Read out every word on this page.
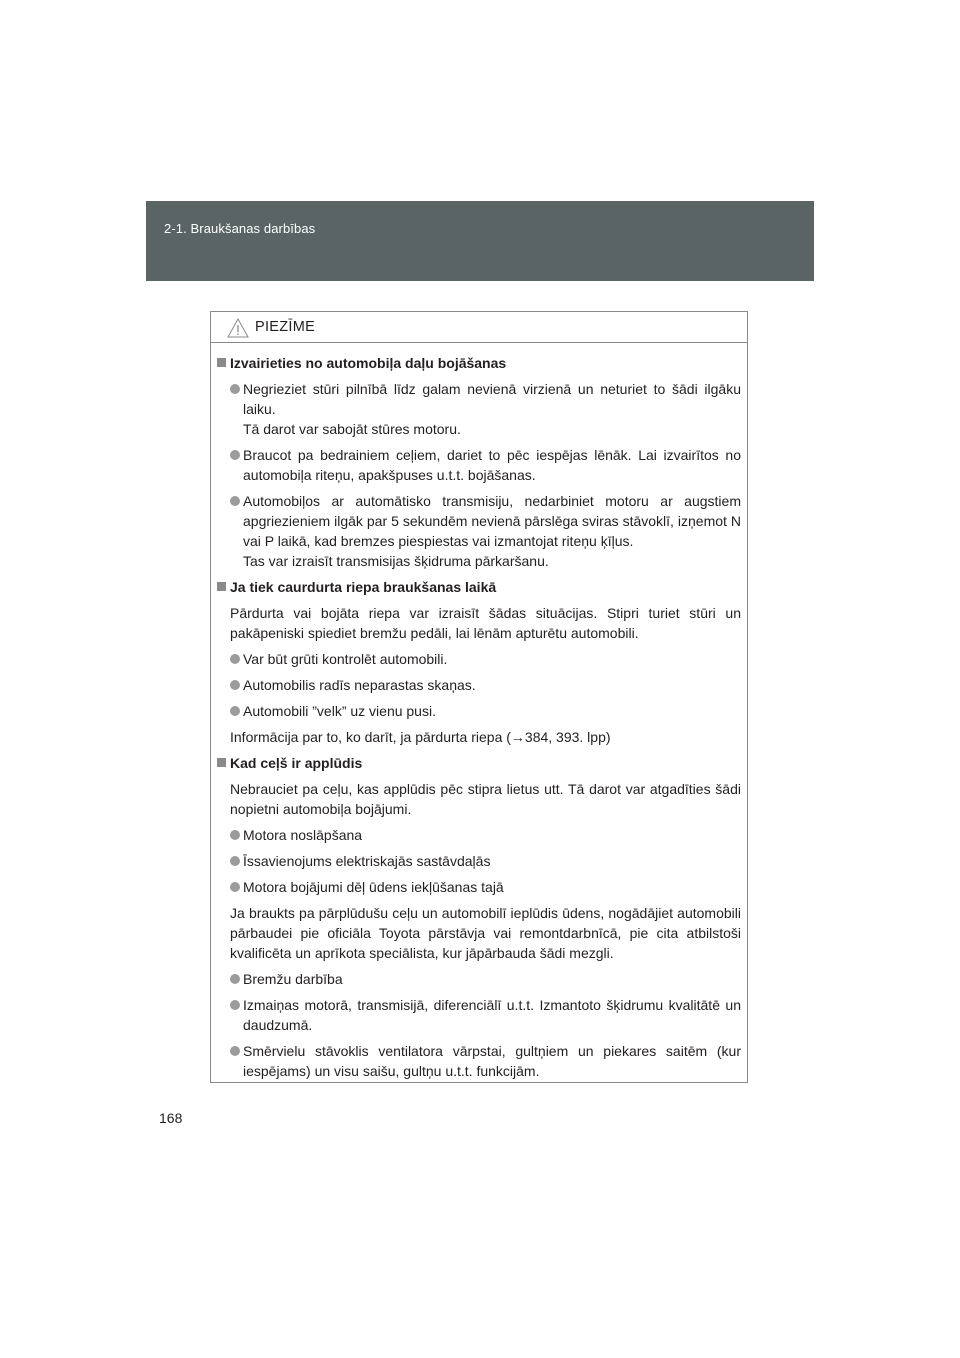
2-1. Braukšanas darbības
PIEZĪME
Izvairieties no automobiļa daļu bojāšanas
Negrieziet stūri pilnībā līdz galam nevienā virzienā un neturiet to šādi ilgāku laiku.
Tā darot var sabojāt stūres motoru.
Braucot pa bedrainiem ceļiem, dariet to pēc iespējas lēnāk. Lai izvairītos no automobiļa riteņu, apakšpuses u.t.t. bojāšanas.
Automobiļos ar automātisko transmisiju, nedarbiniet motoru ar augstiem apgriezieniem ilgāk par 5 sekundēm nevienā pārslēga sviras stāvoklī, izņemot N vai P laikā, kad bremzes piespiestas vai izmantojat riteņu ķīļus.
Tas var izraisīt transmisijas šķidruma pārkaršanu.
Ja tiek caurdurta riepa braukšanas laikā
Pārdurta vai bojāta riepa var izraisīt šādas situācijas. Stipri turiet stūri un pakāpeniski spiediet bremžu pedāli, lai lēnām apturētu automobili.
Var būt grūti kontrolēt automobili.
Automobilis radīs neparastas skaņas.
Automobili ”velk” uz vienu pusi.
Informācija par to, ko darīt, ja pārdurta riepa (→384, 393. lpp)
Kad ceļš ir applūdis
Nebrauciet pa ceļu, kas applūdis pēc stipra lietus utt. Tā darot var atgadīties šādi nopietni automobiļa bojājumi.
Motora noslāpšana
Īssavienojums elektriskajās sastāvdaļās
Motora bojājumi dēļ ūdens iekļūšanas tajā
Ja braukts pa pārplūdušu ceļu un automobilī ieplūdis ūdens, nogādājiet automobili pārbaudei pie oficiāla Toyota pārstāvja vai remontdarbnīcā, pie cita atbilstoši kvalificēta un aprīkota speciālista, kur jāpārbauda šādi mezgli.
Bremžu darbība
Izmaiņas motorā, transmisijā, diferenciālī u.t.t. Izmantoto šķidrumu kvalitātē un daudzumā.
Smērvielu stāvoklis ventilatora vārpstai, gultņiem un piekares saitēm (kur iespējams) un visu saišu, gultņu u.t.t. funkcijām.
168
